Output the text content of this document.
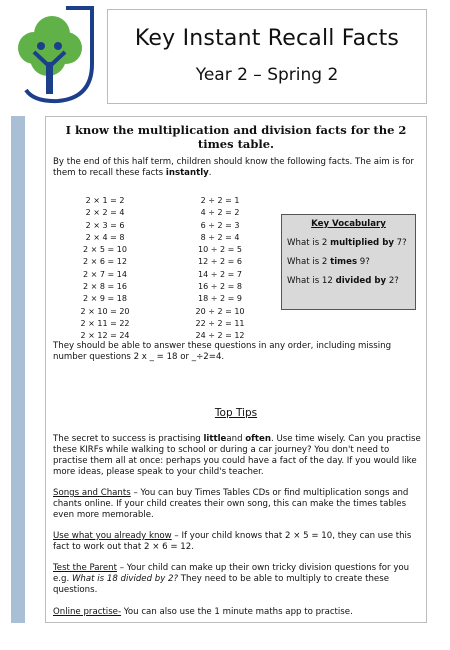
Key Instant Recall Facts
Year 2 – Spring 2
I know the multiplication and division facts for the 2 times table.
By the end of this half term, children should know the following facts. The aim is for them to recall these facts instantly.
2 × 1 = 2
2 × 2 = 4
2 × 3 = 6
2 × 4 = 8
2 × 5 = 10
2 × 6 = 12
2 × 7 = 14
2 × 8 = 16
2 × 9 = 18
2 × 10 = 20
2 × 11 = 22
2 × 12 = 24
2 ÷ 2 = 1
4 ÷ 2 = 2
6 ÷ 2 = 3
8 ÷ 2 = 4
10 ÷ 2 = 5
12 ÷ 2 = 6
14 ÷ 2 = 7
16 ÷ 2 = 8
18 ÷ 2 = 9
20 ÷ 2 = 10
22 ÷ 2 = 11
24 ÷ 2 = 12
Key Vocabulary
What is 2 multiplied by 7?
What is 2 times 9?
What is 12 divided by 2?
They should be able to answer these questions in any order, including missing number questions 2 x _ = 18 or _÷2=4.
Top Tips
The secret to success is practising littleand often. Use time wisely. Can you practise these KIRFs while walking to school or during a car journey? You don't need to practise them all at once: perhaps you could have a fact of the day. If you would like more ideas, please speak to your child's teacher.
Songs and Chants – You can buy Times Tables CDs or find multiplication songs and chants online. If your child creates their own song, this can make the times tables even more memorable.
Use what you already know – If your child knows that 2 × 5 = 10, they can use this fact to work out that 2 × 6 = 12.
Test the Parent – Your child can make up their own tricky division questions for you e.g. What is 18 divided by 2? They need to be able to multiply to create these questions.
Online practise- You can also use the 1 minute maths app to practise.
